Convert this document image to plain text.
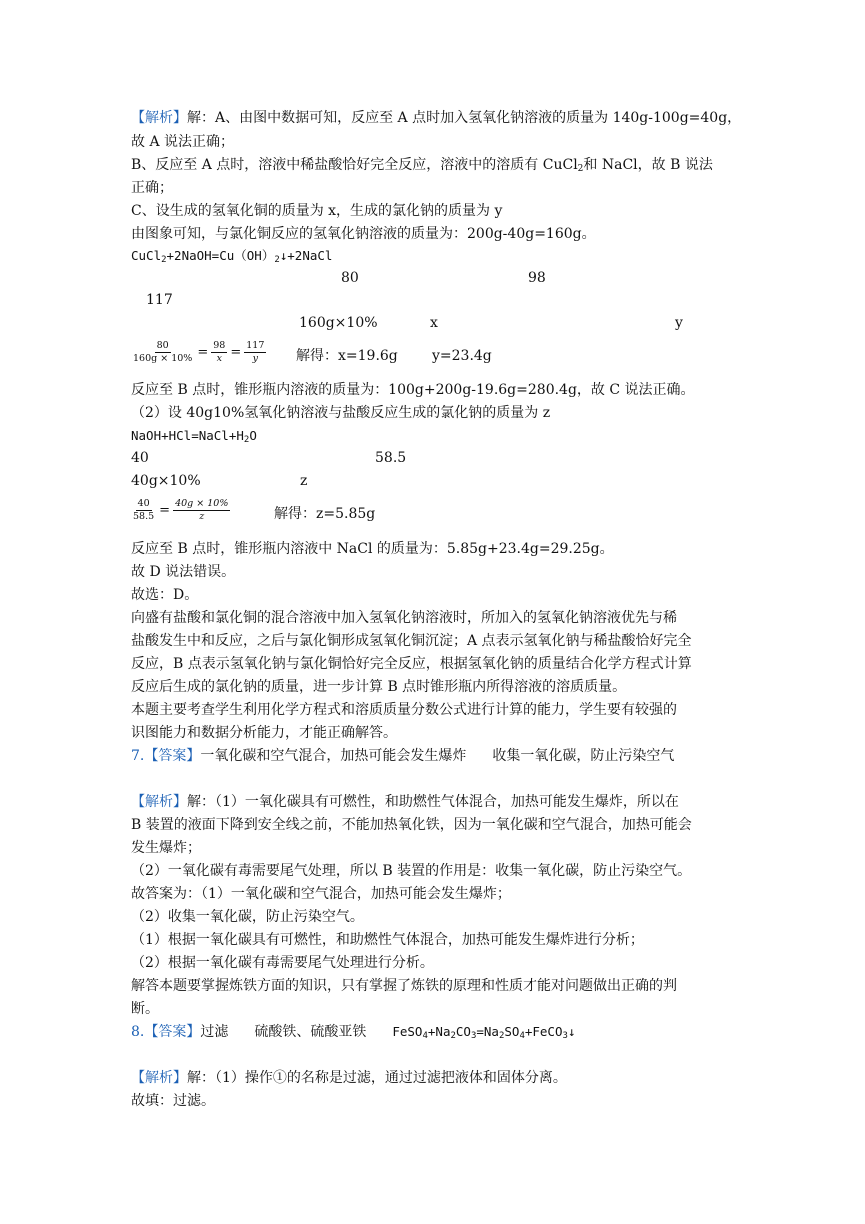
【解析】解：A、由图中数据可知，反应至 A 点时加入氢氧化钠溶液的质量为 140g-100g=40g，
故 A 说法正确；
B、反应至 A 点时，溶液中稀盐酸恰好完全反应，溶液中的溶质有 CuCl$_2$和 NaCl，故 B 说法
正确；
C、设生成的氢氧化铜的质量为 x，生成的氯化钠的质量为 y
由图象可知，与氯化铜反应的氢氧化钠溶液的质量为：200g-40g=160g。
$CuCl_2+2NaOH=Cu(OH)_2↓+2NaCl$
80	98
117
160g×10%	x	y
$\frac{80}{160g \times 10\%} = \frac{98}{x} = \frac{117}{y}$ 解得：x=19.6g y=23.4g
反应至 B 点时，锥形瓶内溶液的质量为：100g+200g-19.6g=280.4g，故 C 说法正确。
（2）设 40g10%氢氧化钠溶液与盐酸反应生成的氯化钠的质量为 z
$NaOH+HCl=NaCl+H_2O$
40	58.5
40g×10%	z
$\frac{40}{58.5} = \frac{40g \times 10\%}{z}$	解得：z=5.85g
反应至 B 点时，锥形瓶内溶液中 NaCl 的质量为：5.85g+23.4g=29.25g。
故 D 说法错误。
故选：D。
向盛有盐酸和氯化铜的混合溶液中加入氢氧化钠溶液时，所加入的氢氧化钠溶液优先与稀
盐酸发生中和反应，之后与氯化铜形成氢氧化铜沉淀；A 点表示氢氧化钠与稀盐酸恰好完全
反应，B 点表示氢氧化钠与氯化铜恰好完全反应，根据氢氧化钠的质量结合化学方程式计算
反应后生成的氯化钠的质量，进一步计算 B 点时锥形瓶内所得溶液的溶质质量。
本题主要考查学生利用化学方程式和溶质质量分数公式进行计算的能力，学生要有较强的
识图能力和数据分析能力，才能正确解答。
7.【答案】一氧化碳和空气混合，加热可能会发生爆炸 收集一氧化碳，防止污染空气
【解析】解：（1）一氧化碳具有可燃性，和助燃性气体混合，加热可能发生爆炸，所以在
B 装置的液面下降到安全线之前，不能加热氧化铁，因为一氧化碳和空气混合，加热可能会
发生爆炸；
（2）一氧化碳有毒需要尾气处理，所以 B 装置的作用是：收集一氧化碳，防止污染空气。
故答案为：（1）一氧化碳和空气混合，加热可能会发生爆炸；
（2）收集一氧化碳，防止污染空气。
（1）根据一氧化碳具有可燃性，和助燃性气体混合，加热可能发生爆炸进行分析；
（2）根据一氧化碳有毒需要尾气处理进行分析。
解答本题要掌握炼铁方面的知识，只有掌握了炼铁的原理和性质才能对问题做出正确的判
断。
8.【答案】过滤 硫酸铁、硫酸亚铁 $FeSO_4+Na_2CO_3=Na_2SO_4+FeCO_3↓$
【解析】解：（1）操作①的名称是过滤，通过过滤把液体和固体分离。
故填：过滤。
